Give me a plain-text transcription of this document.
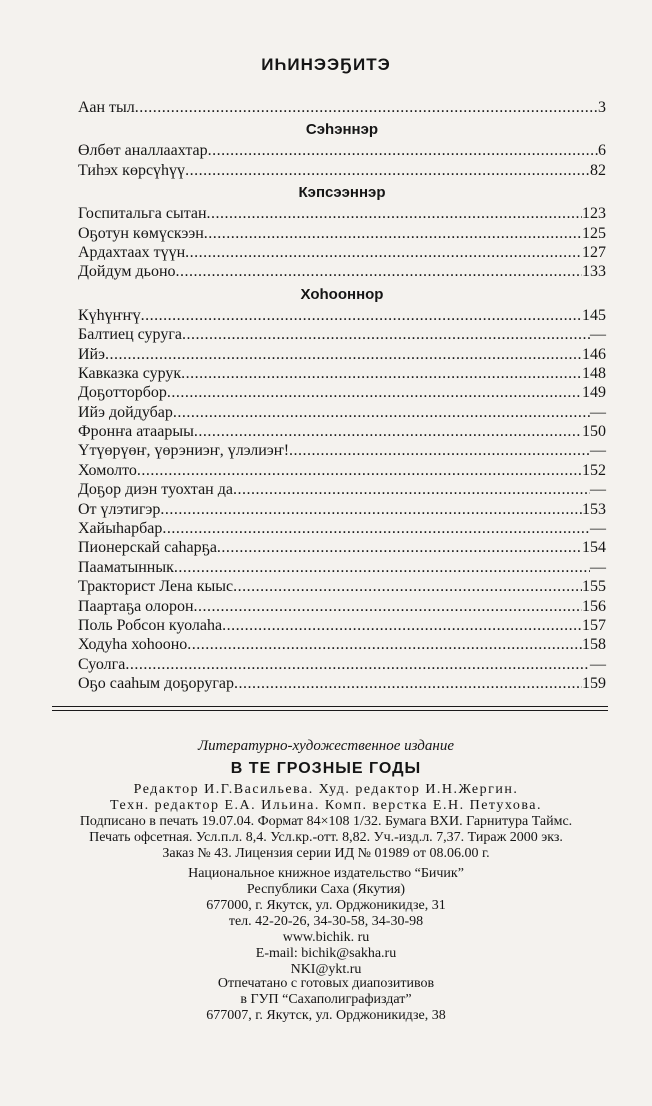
ИҺИНЭЭҔИТЭ
Аан тыл .....	3
Сэһэннэр
Өлбөт аналлаахтар .....	6
Тиһэх көрсүһүү .....	82
Кэпсээннэр
Госпитальга сытан .....	123
Оҕотун көмүскээн .....	125
Ардахтаах түүн .....	127
Дойдум дьоно .....	133
Хоһооннор
Күһүҥҥү .....	145
Балтиец суруга .....	—
Ийэ .....	146
Кавказка сурук .....	148
Доҕотторбор .....	149
Ийэ дойдубар .....	—
Фронҥа атаарыы .....	150
Үтүөрүөҥ, үөрэниэҥ, үлэлиэҥ! .....	—
Хомолто .....	152
Доҕор диэн туохтан да .....	—
От үлэтигэр .....	153
Хайыһарбар .....	—
Пионерскай саһарҕа .....	154
Пааматыннык .....	—
Тракторист Лена кыыс .....	155
Паартаҕа олорон .....	156
Поль Робсон куолаһа .....	157
Ходуһа хоһооно .....	158
Суолга .....	—
Оҕо сааһым доҕоругар .....	159
Литературно-художественное издание
В ТЕ ГРОЗНЫЕ ГОДЫ
Редактор И.Г.Васильева. Худ. редактор И.Н.Жергин.
Техн. редактор Е.А. Ильина. Комп. верстка Е.Н. Петухова.
Подписано в печать 19.07.04. Формат 84×108 1/32. Бумага ВХИ. Гарнитура Таймс.
Печать офсетная. Усл.п.л. 8,4. Усл.кр.-отт. 8,82. Уч.-изд.л. 7,37. Тираж 2000 экз.
Заказ № 43. Лицензия серии ИД № 01989 от 08.06.00 г.
Национальное книжное издательство “Бичик”
Республики Саха (Якутия)
677000, г. Якутск, ул. Орджоникидзе, 31
тел. 42-20-26, 34-30-58, 34-30-98
www.bichik. ru
E-mail: bichik@sakha.ru
NKI@ykt.ru
Отпечатано с готовых диапозитивов
в ГУП “Сахаполиграфиздат”
677007, г. Якутск, ул. Орджоникидзе, 38
